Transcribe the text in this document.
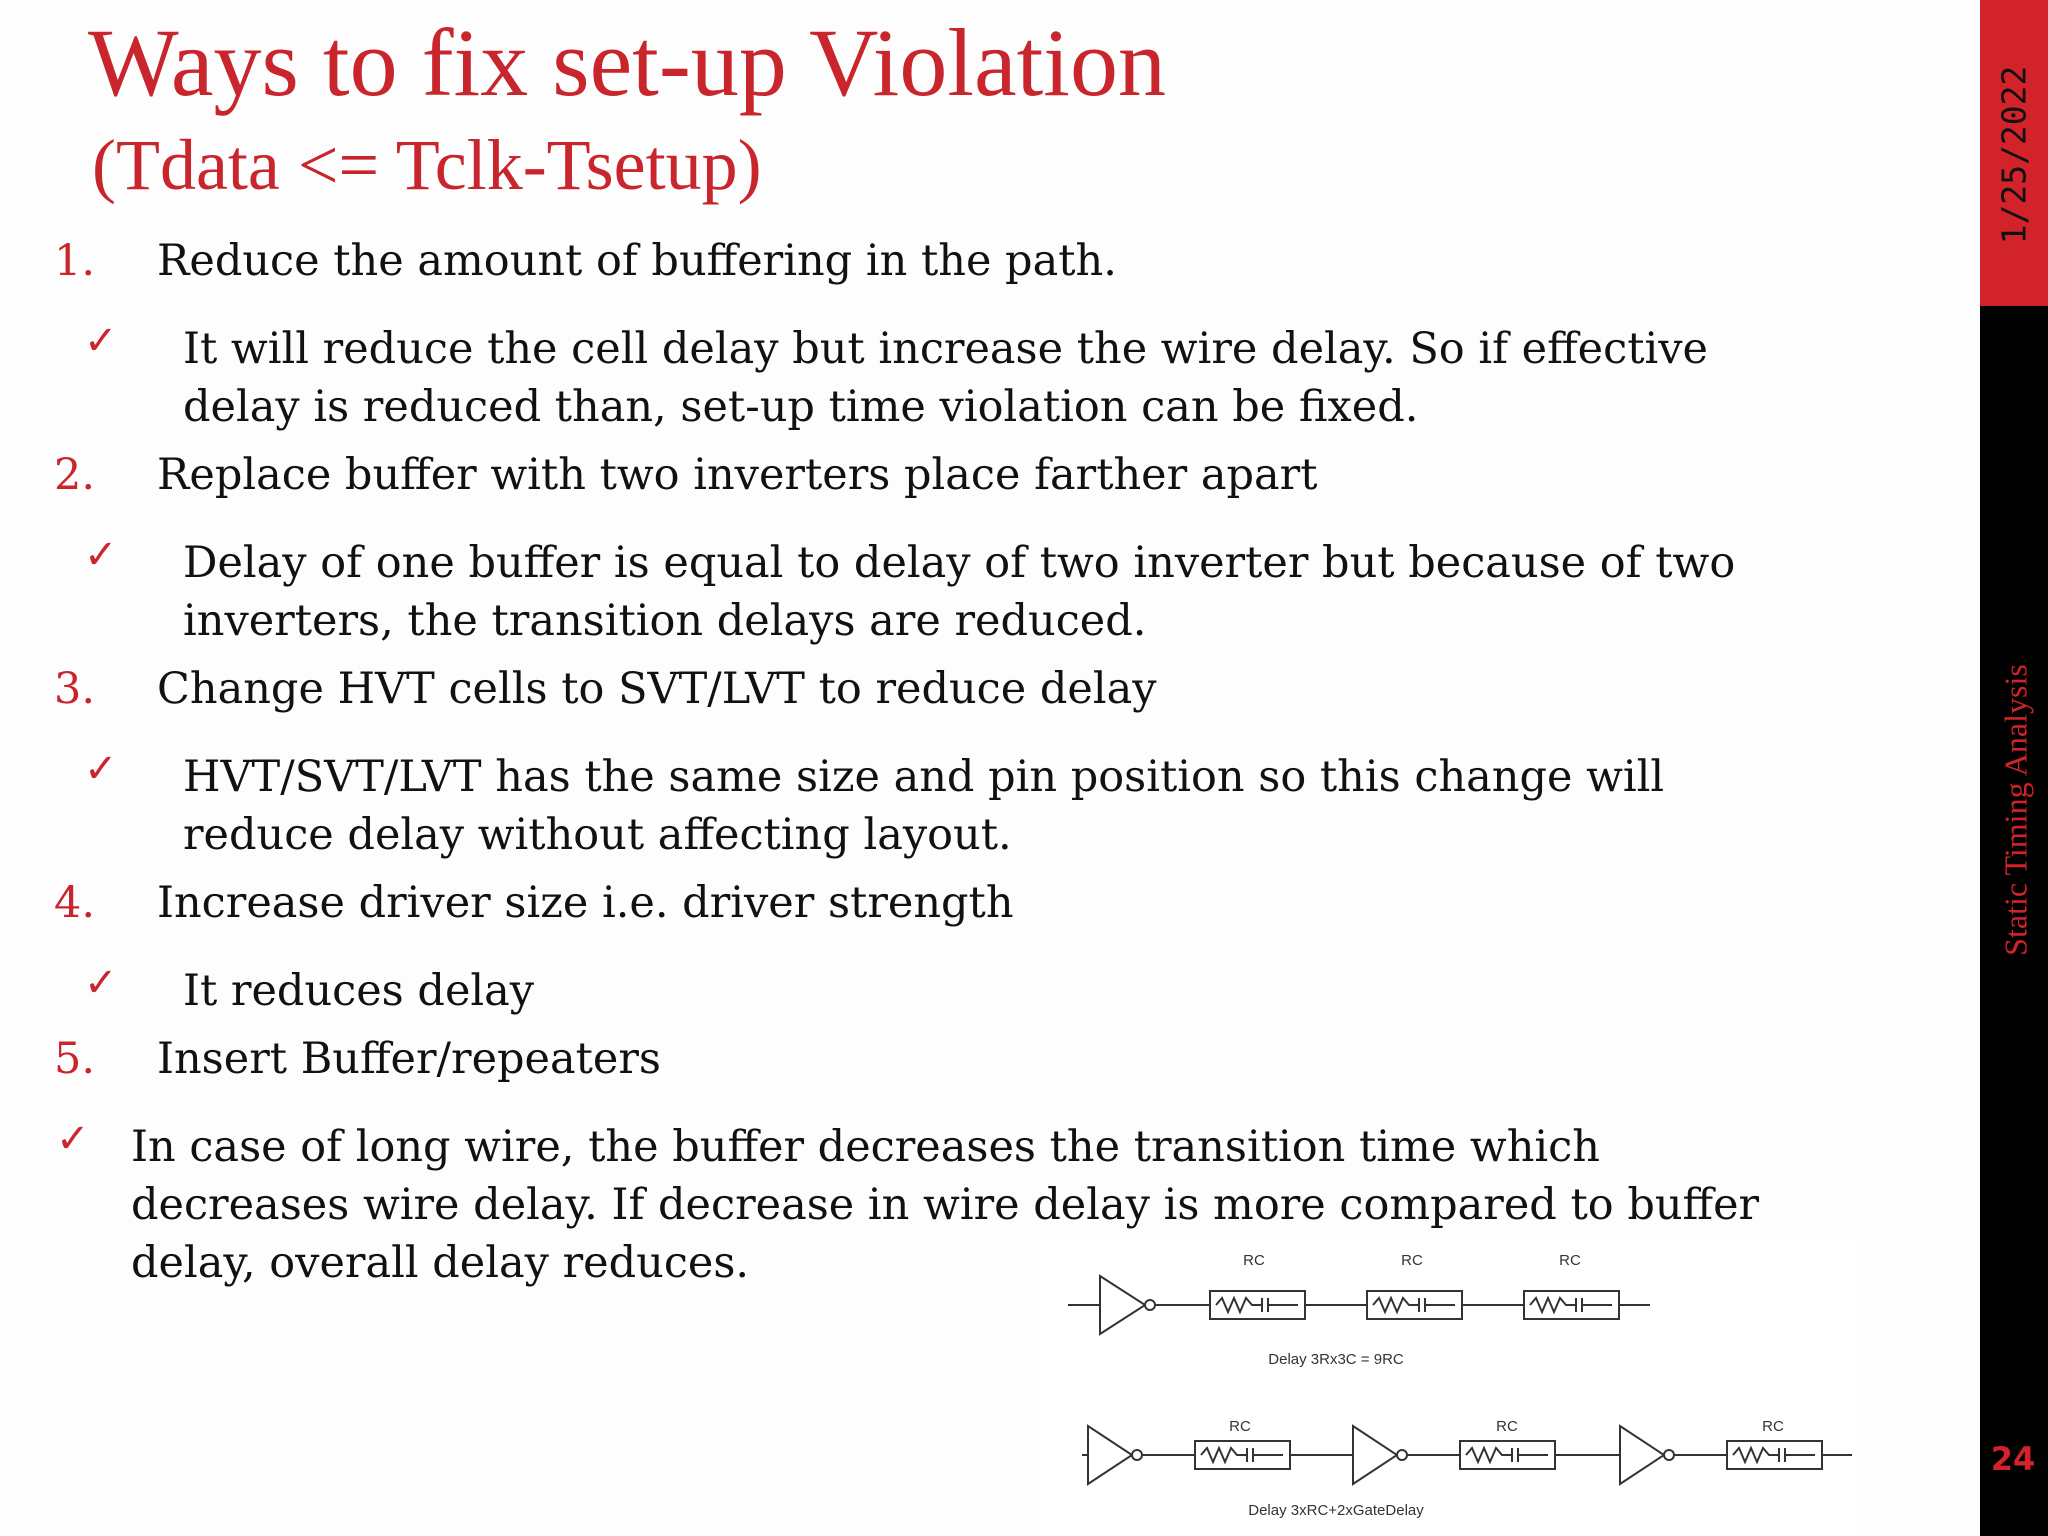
Ways to fix set-up Violation
(Tdata <= Tclk-Tsetup)
1. Reduce the amount of buffering in the path.
✓ It will reduce the cell delay but increase the wire delay. So if effective
delay is reduced than, set-up time violation can be fixed.
2. Replace buffer with two inverters place farther apart
✓ Delay of one buffer is equal to delay of two inverter but because of two
inverters, the transition delays are reduced.
3. Change HVT cells to SVT/LVT to reduce delay
✓ HVT/SVT/LVT has the same size and pin position so this change will
reduce delay without affecting layout.
4. Increase driver size i.e. driver strength
✓ It reduces delay
5. Insert Buffer/repeaters
✓ In case of long wire, the buffer decreases the transition time which
decreases wire delay. If decrease in wire delay is more compared to buffer
delay, overall delay reduces.	RC	RC	RC
Delay 3Rx3C = 9RC
RC	RC	RC
Delay 3xRC+2xGateDelay
1/25/2022
Static Timing Analysis
24
